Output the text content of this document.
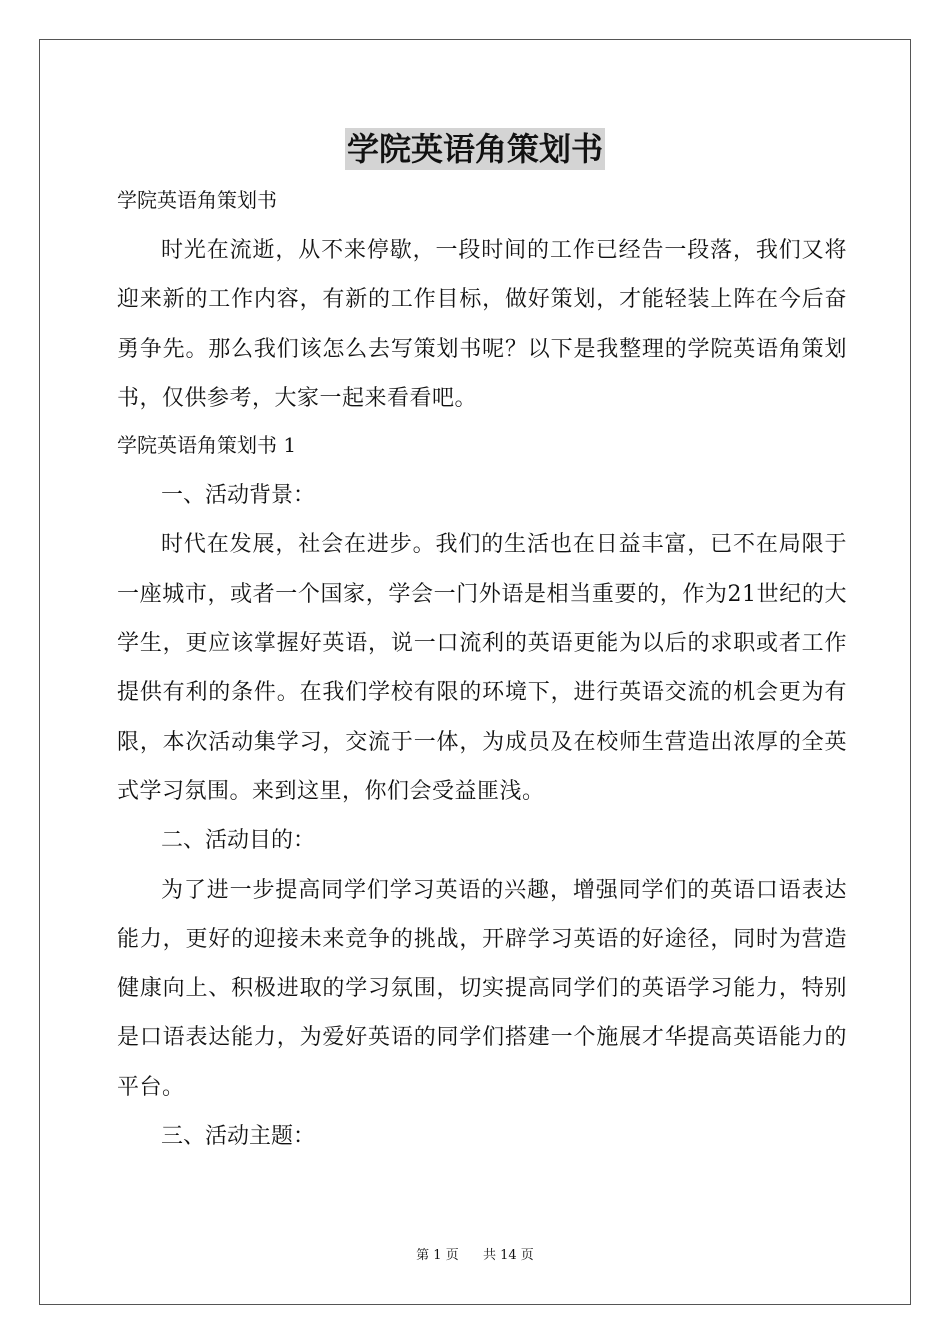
学院英语角策划书

学院英语角策划书

时光在流逝，从不来停歇，一段时间的工作已经告一段落，我们又将迎来新的工作内容，有新的工作目标，做好策划，才能轻装上阵在今后奋勇争先。那么我们该怎么去写策划书呢？以下是我整理的学院英语角策划书，仅供参考，大家一起来看看吧。

学院英语角策划书 1

一、活动背景：

时代在发展，社会在进步。我们的生活也在日益丰富，已不在局限于一座城市，或者一个国家，学会一门外语是相当重要的，作为21世纪的大学生，更应该掌握好英语，说一口流利的英语更能为以后的求职或者工作提供有利的条件。在我们学校有限的环境下，进行英语交流的机会更为有限，本次活动集学习，交流于一体，为成员及在校师生营造出浓厚的全英式学习氛围。来到这里，你们会受益匪浅。

二、活动目的：

为了进一步提高同学们学习英语的兴趣，增强同学们的英语口语表达能力，更好的迎接未来竞争的挑战，开辟学习英语的好途径，同时为营造健康向上、积极进取的学习氛围，切实提高同学们的英语学习能力，特别是口语表达能力，为爱好英语的同学们搭建一个施展才华提高英语能力的平台。

三、活动主题：

第 1 页 共 14 页
